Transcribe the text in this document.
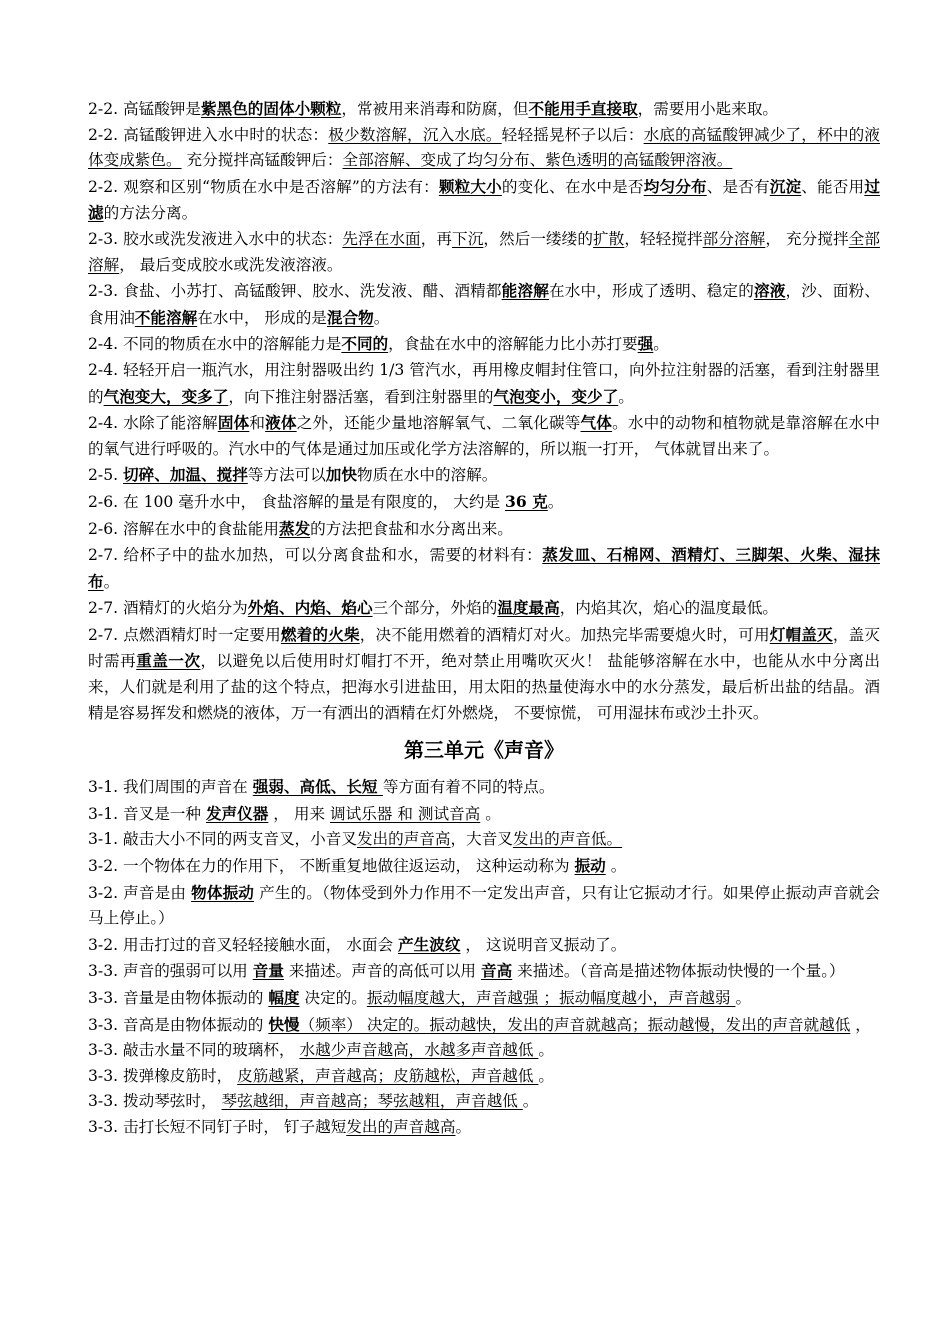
2-2. 高锰酸钾是紫黑色的固体小颗粒，常被用来消毒和防腐，但不能用手直接取，需要用小匙来取。

2-2. 高锰酸钾进入水中时的状态：极少数溶解，沉入水底。轻轻摇晃杯子以后：水底的高锰酸钾减少了，杯中的液体变成紫色。 充分搅拌高锰酸钾后：全部溶解、变成了均匀分布、紫色透明的高锰酸钾溶液。

2-2. 观察和区别“物质在水中是否溶解”的方法有：颗粒大小的变化、在水中是否均匀分布、是否有沉淀、能否用过滤的方法分离。

2-3. 胶水或洗发液进入水中的状态：先浮在水面，再下沉，然后一缕缕的扩散，轻轻搅拌部分溶解， 充分搅拌全部溶解， 最后变成胶水或洗发液溶液。

2-3. 食盐、小苏打、高锰酸钾、胶水、洗发液、醋、酒精都能溶解在水中，形成了透明、稳定的溶液，沙、面粉、食用油不能溶解在水中， 形成的是混合物。

2-4. 不同的物质在水中的溶解能力是不同的，食盐在水中的溶解能力比小苏打要强。

2-4. 轻轻开启一瓶汽水，用注射器吸出约 1/3 管汽水，再用橡皮帽封住管口，向外拉注射器的活塞，看到注射器里的气泡变大，变多了，向下推注射器活塞，看到注射器里的气泡变小，变少了。

2-4. 水除了能溶解固体和液体之外，还能少量地溶解氧气、二氧化碳等气体。水中的动物和植物就是靠溶解在水中的氧气进行呼吸的。汽水中的气体是通过加压或化学方法溶解的，所以瓶一打开， 气体就冒出来了。

2-5. 切碎、加温、搅拌等方法可以加快物质在水中的溶解。

2-6. 在 100 毫升水中， 食盐溶解的量是有限度的， 大约是 36 克。

2-6. 溶解在水中的食盐能用蒸发的方法把食盐和水分离出来。

2-7. 给杯子中的盐水加热，可以分离食盐和水，需要的材料有：蒸发皿、石棉网、酒精灯、三脚架、火柴、湿抹布。

2-7. 酒精灯的火焰分为外焰、内焰、焰心三个部分，外焰的温度最高，内焰其次，焰心的温度最低。

2-7. 点燃酒精灯时一定要用燃着的火柴，决不能用燃着的酒精灯对火。加热完毕需要熄火时，可用灯帽盖灭，盖灭时需再重盖一次，以避免以后使用时灯帽打不开，绝对禁止用嘴吹灭火！ 盐能够溶解在水中，也能从水中分离出来，人们就是利用了盐的这个特点，把海水引进盐田，用太阳的热量使海水中的水分蒸发，最后析出盐的结晶。酒精是容易挥发和燃烧的液体，万一有洒出的酒精在灯外燃烧， 不要惊慌， 可用湿抹布或沙土扑灭。

第三单元《声音》

3-1. 我们周围的声音在 强弱、高低、长短 等方面有着不同的特点。

3-1. 音叉是一种 发声仪器 ， 用来 调试乐器 和 测试音高 。

3-1. 敲击大小不同的两支音叉，小音叉发出的声音高，大音叉发出的声音低。

3-2. 一个物体在力的作用下， 不断重复地做往返运动， 这种运动称为 振动 。

3-2. 声音是由 物体振动 产生的。（物体受到外力作用不一定发出声音，只有让它振动才行。如果停止振动声音就会马上停止。）

3-2. 用击打过的音叉轻轻接触水面， 水面会 产生波纹 ， 这说明音叉振动了。

3-3. 声音的强弱可以用 音量 来描述。声音的高低可以用 音高 来描述。（音高是描述物体振动快慢的一个量。）

3-3. 音量是由物体振动的 幅度 决定的。振动幅度越大，声音越强 ；振动幅度越小，声音越弱 。

3-3. 音高是由物体振动的 快慢（频率） 决定的。振动越快，发出的声音就越高；振动越慢，发出的声音就越低 ，

3-3. 敲击水量不同的玻璃杯， 水越少声音越高，水越多声音越低 。

3-3. 拨弹橡皮筋时， 皮筋越紧，声音越高；皮筋越松，声音越低 。

3-3. 拨动琴弦时， 琴弦越细，声音越高；琴弦越粗，声音越低 。

3-3. 击打长短不同钉子时， 钉子越短发出的声音越高。
